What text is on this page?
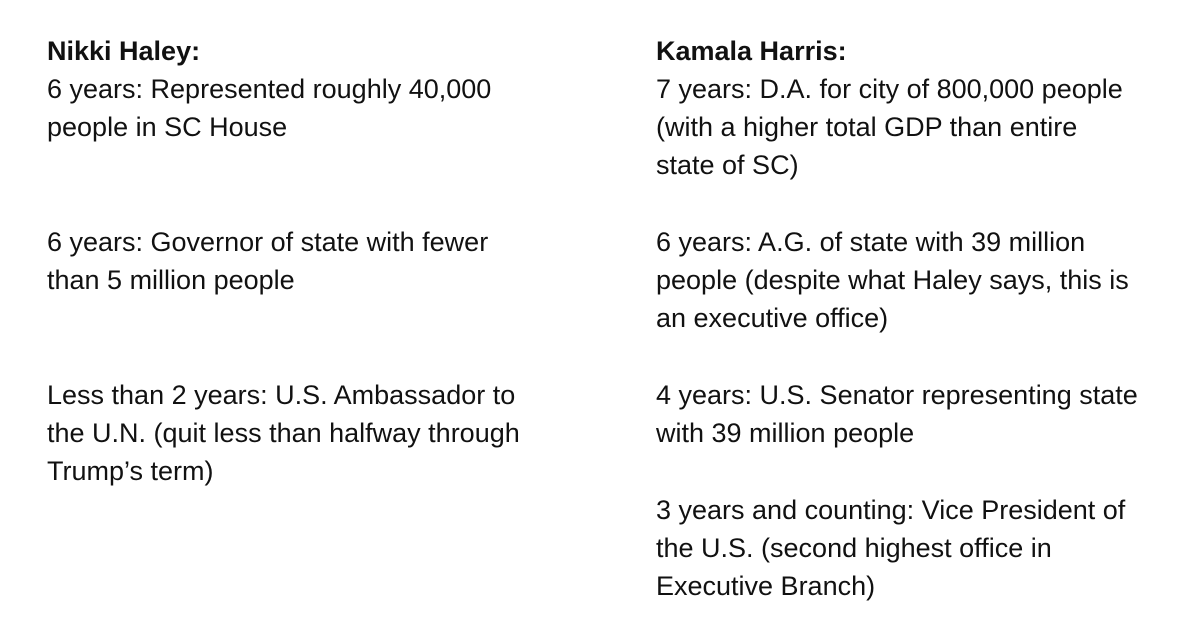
Nikki Haley:

6 years: Represented roughly 40,000
people in SC House

6 years: Governor of state with fewer
than 5 million people

Less than 2 years: U.S. Ambassador to
the U.N. (quit less than halfway through
Trump’s term)

Kamala Harris:

7 years: D.A. for city of 800,000 people
(with a higher total GDP than entire
state of SC)

6 years: A.G. of state with 39 million
people (despite what Haley says, this is
an executive office)

4 years: U.S. Senator representing state
with 39 million people

3 years and counting: Vice President of
the U.S. (second highest office in
Executive Branch)
